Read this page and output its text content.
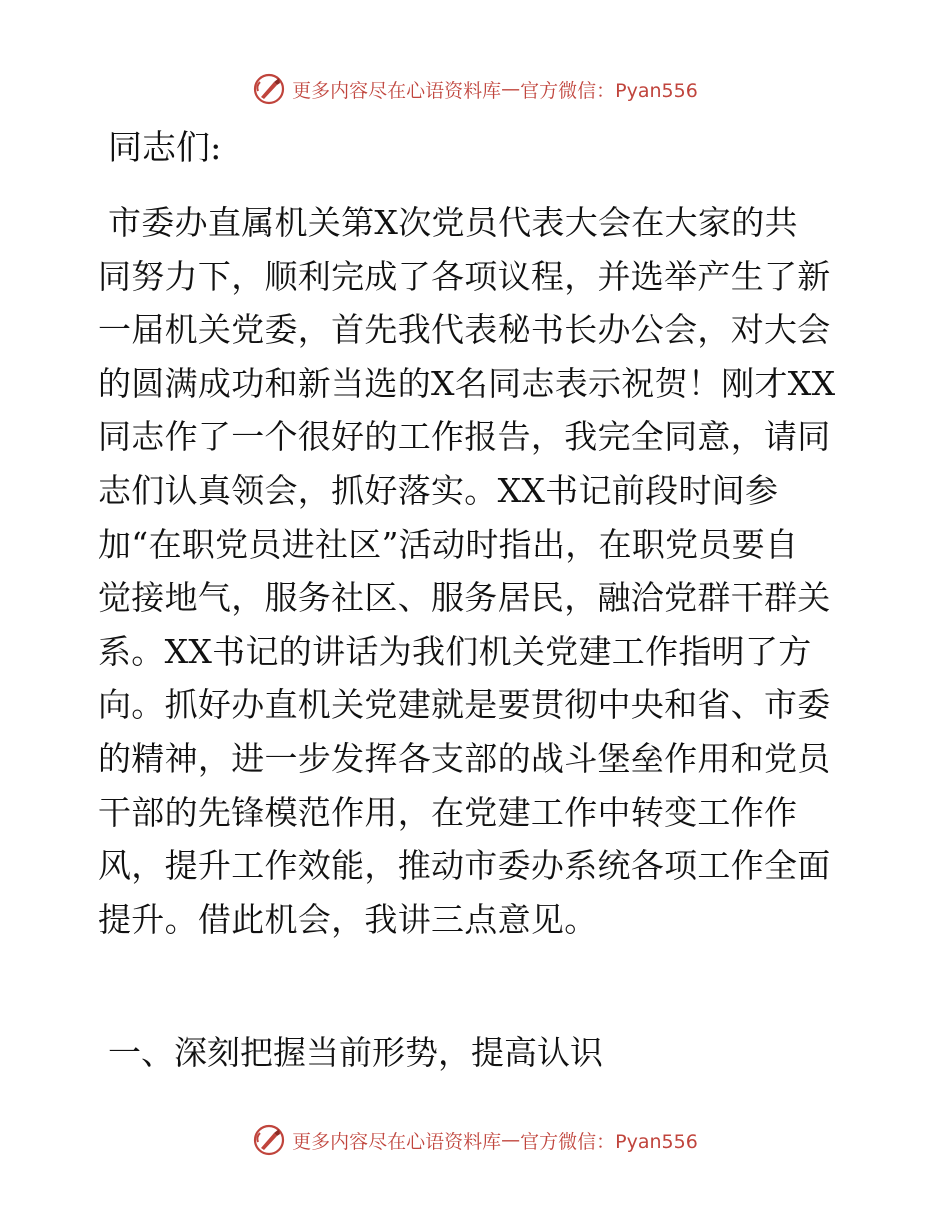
更多内容尽在心语资料库 — 官方微信：Pyan556
同志们:
市委办直属机关第X次党员代表大会在大家的共
同努力下，顺利完成了各项议程，并选举产生了新
一届机关党委，首先我代表秘书长办公会，对大会
的圆满成功和新当选的X名同志表示祝贺！刚才XX
同志作了一个很好的工作报告，我完全同意，请同
志们认真领会，抓好落实。XX书记前段时间参
加“在职党员进社区”活动时指出，在职党员要自
觉接地气，服务社区、服务居民，融洽党群干群关
系。XX书记的讲话为我们机关党建工作指明了方
向。抓好办直机关党建就是要贯彻中央和省、市委
的精神，进一步发挥各支部的战斗堡垒作用和党员
干部的先锋模范作用，在党建工作中转变工作作
风，提升工作效能，推动市委办系统各项工作全面
提升。借此机会，我讲三点意见。
一、深刻把握当前形势，提高认识
更多内容尽在心语资料库 — 官方微信：Pyan556
